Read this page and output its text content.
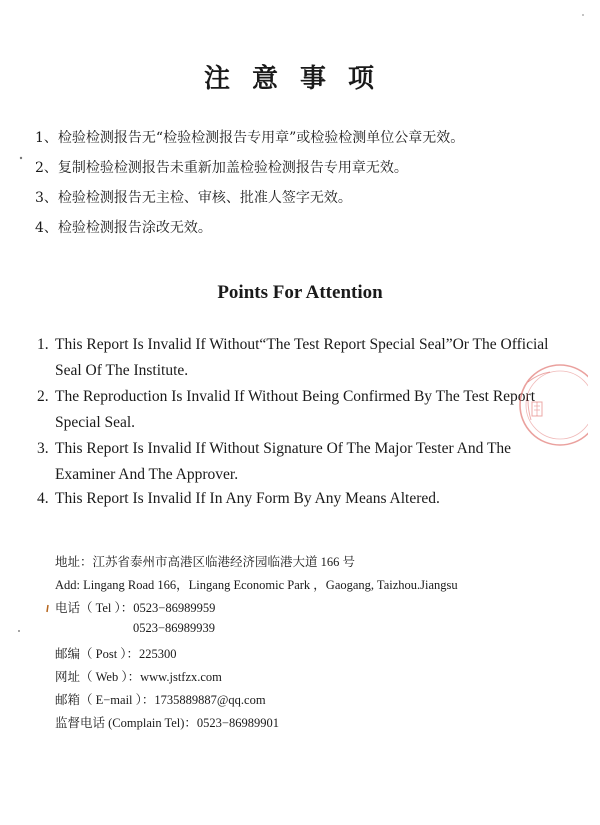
注意事项
1、检验检测报告无“检验检测报告专用章”或检验检测单位公章无效。
2、复制检验检测报告未重新加盖检验检测报告专用章无效。
3、检验检测报告无主检、审核、批准人签字无效。
4、检验检测报告涂改无效。
Points For Attention
1. This Report Is Invalid If Without“The Test Report Special Seal”Or The Official Seal Of The Institute.
2. The Reproduction Is Invalid If Without Being Confirmed By The Test Report Special Seal.
3. This Report Is Invalid If Without Signature Of The Major Tester And The Examiner And The Approver.
4. This Report Is Invalid If In Any Form By Any Means Altered.
地址：江苏省泰州市高港区临港经济园临港大道 166 号
Add: Lingang Road 166，Lingang Economic Park ，Gaogang, Taizhou.Jiangsu
电话（ Tel ）：0523−86989959
0523−86989939
邮编（ Post ）：225300
网址（ Web ）：www.jstfzx.com
邮箱（ E−mail ）：1735889887@qq.com
监督电话 (Complain Tel)：0523−86989901
